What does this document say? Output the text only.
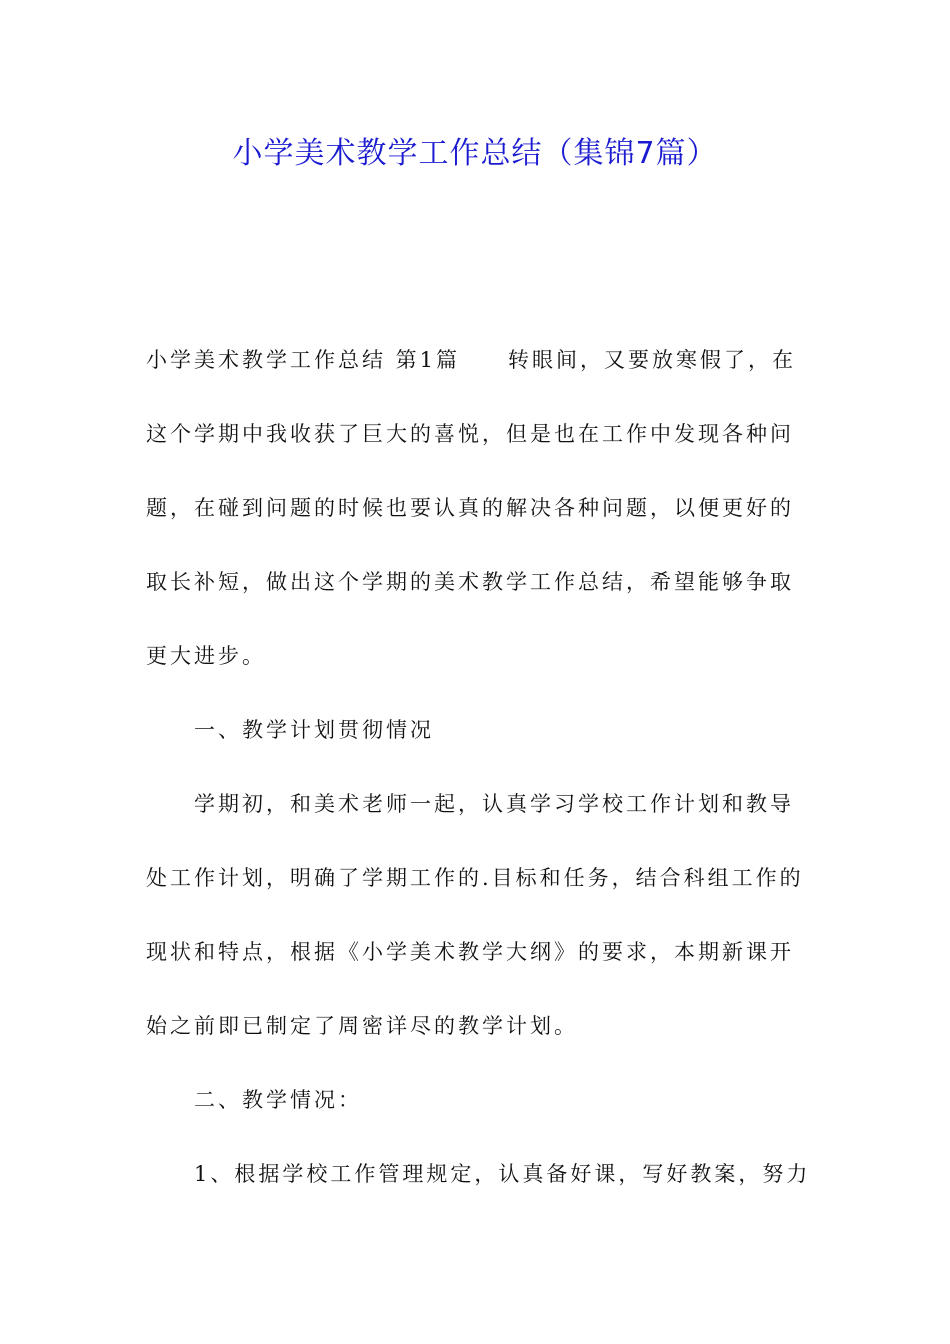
小学美术教学工作总结（集锦7篇）
小学美术教学工作总结 第1篇　　转眼间，又要放寒假了，在
这个学期中我收获了巨大的喜悦，但是也在工作中发现各种问
题，在碰到问题的时候也要认真的解决各种问题，以便更好的
取长补短，做出这个学期的美术教学工作总结，希望能够争取
更大进步。
一、教学计划贯彻情况
学期初，和美术老师一起，认真学习学校工作计划和教导
处工作计划，明确了学期工作的.目标和任务，结合科组工作的
现状和特点，根据《小学美术教学大纲》的要求，本期新课开
始之前即已制定了周密详尽的教学计划。
二、教学情况：
1、根据学校工作管理规定，认真备好课，写好教案，努力
